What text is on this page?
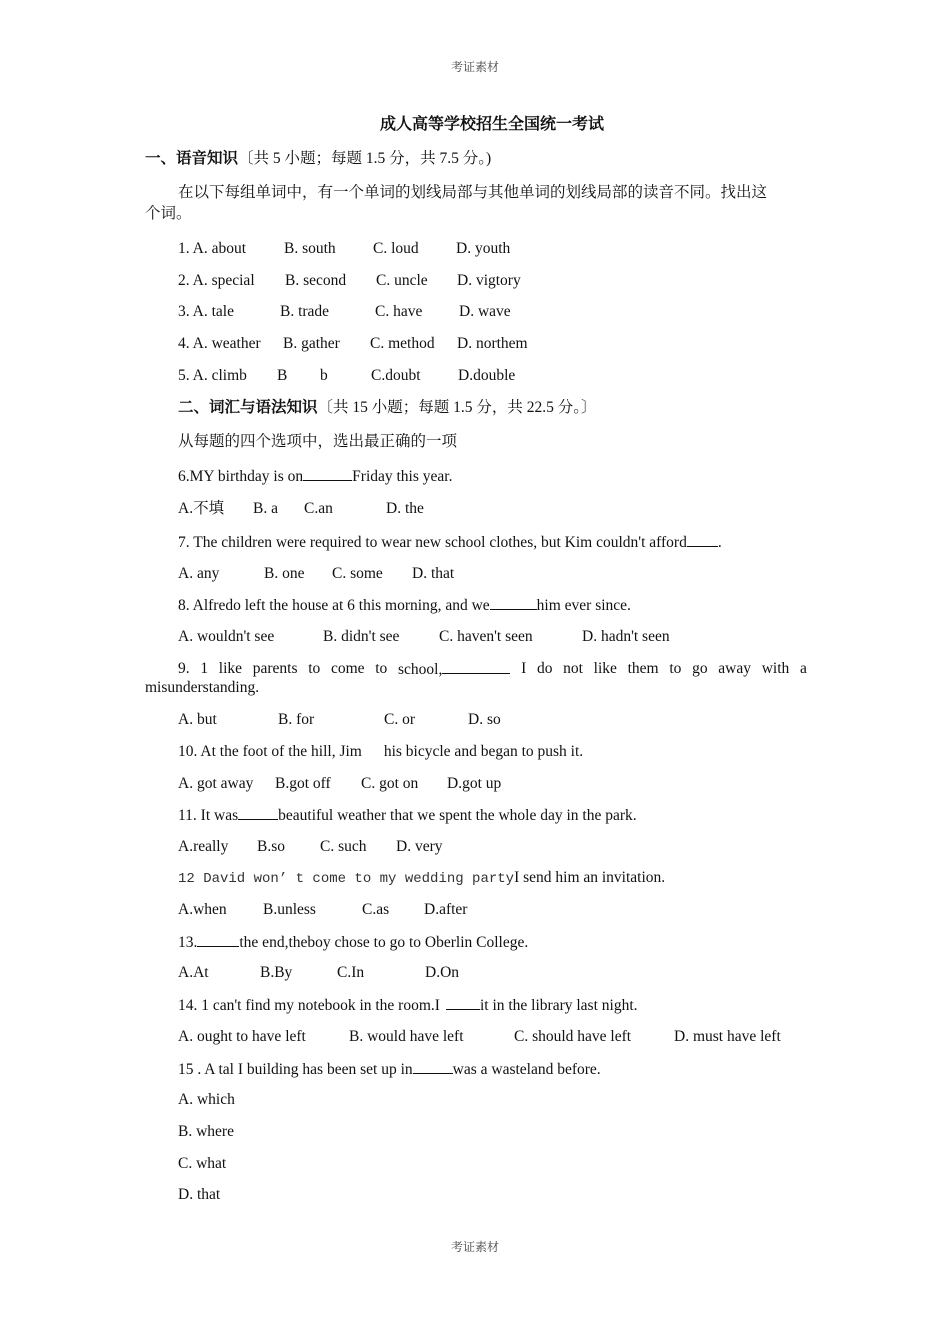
考证素材
成人高等学校招生全国统一考试
一、语音知识〔共 5 小题；每题 1.5 分，共 7.5 分。)
在以下每组单词中，有一个单词的划线局部与其他单词的划线局部的读音不同。找出这
个词。
1. A. about B. south C. loud D. youth
2. A. special B. second C. uncle D. vigtory
3. A. tale	B. trade	C. have D. wave
4. A. weather B. gather C. method D. northem
5. A. climb B b	C.doubt D.double
二、词汇与语法知识〔共 15 小题；每题 1.5 分，共 22.5 分。〕
从每题的四个选项中，选出最正确的一项
6.MY birthday is on	Friday this year.
A.不填 B. a C.an	D. the
7. The children were required to wear new school clothes, but Kim couldn't afford .
A. any	B. one C. some D. that
8. Alfredo left the house at 6 this morning, and we	him ever since.
A. wouldn't see	B. didn't see	C. haven't seen	D. hadn't seen
9. 1 like parents to come to school,	I do not like them to go away with a
misunderstanding.
A. but	B. for	C. or	D. so
10. At the foot of the hill, Jim his bicycle and began to push it.
A. got away B.got off C. got on D.got up
11. It was	beautiful weather that we spent the whole day in the park.
A.really B.so C. such D. very
12 David won’ t come to my wedding partyI send him an invitation.
A.when B.unless	C.as D.after
13.	the end,theboy chose to go to Oberlin College.
A.At	B.By	C.In	D.On
14. 1 can't find my notebook in the room.I	it in the library last night.
A. ought to have left	B. would have left	C. should have left	D. must have left
15 . A tal I building has been set up in	was a wasteland before.
A. which
B. where
C. what
D. that
考证素材
